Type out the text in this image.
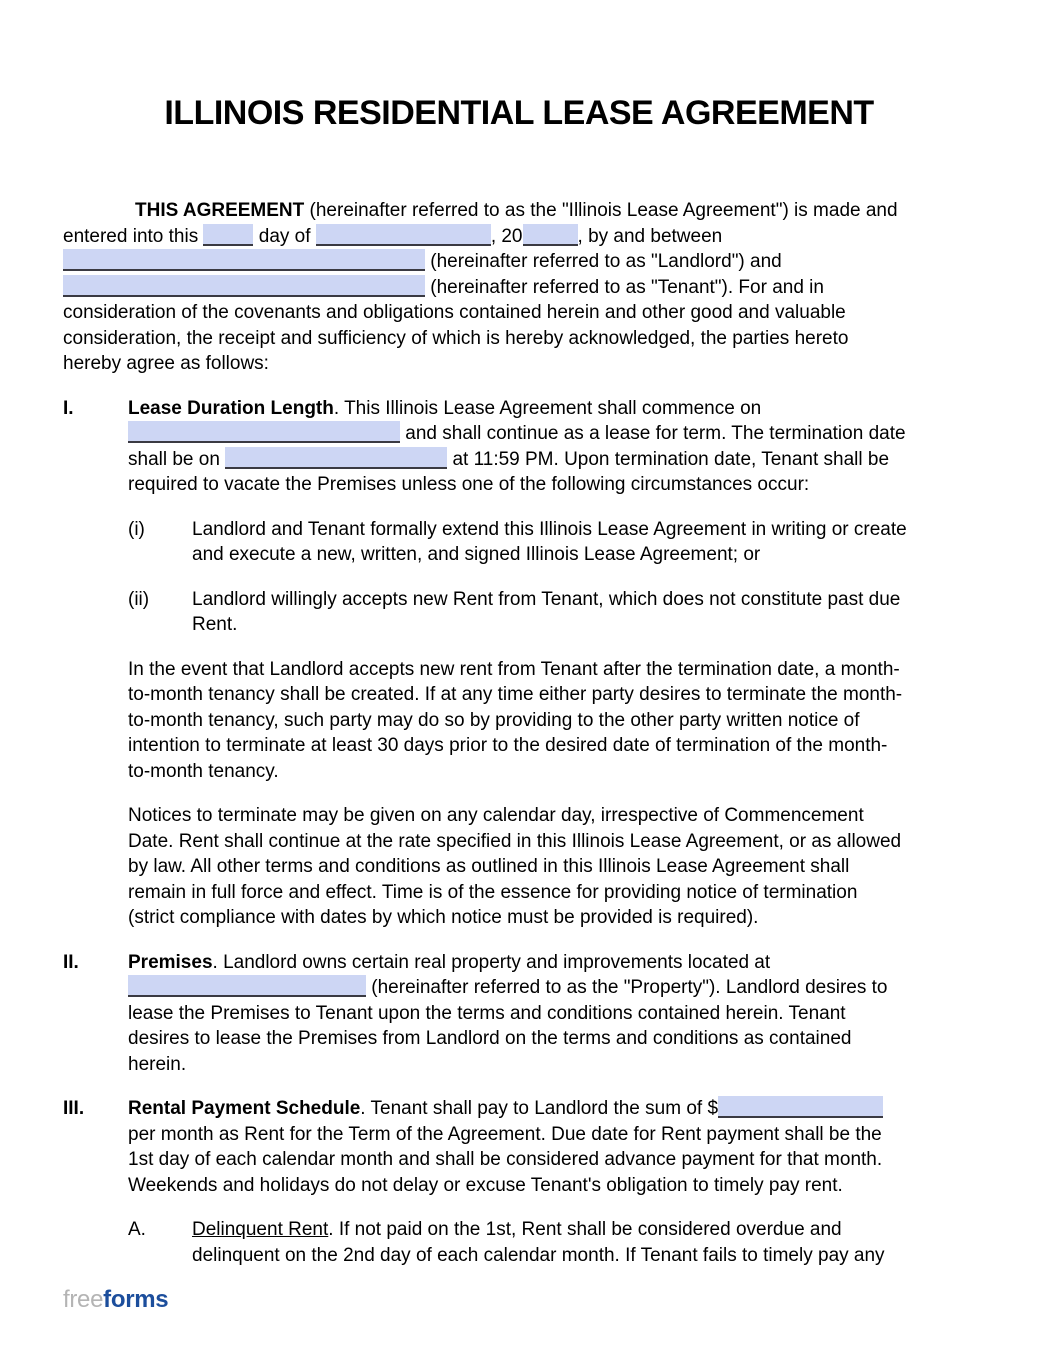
ILLINOIS RESIDENTIAL LEASE AGREEMENT
THIS AGREEMENT (hereinafter referred to as the "Illinois Lease Agreement") is made and
entered into this	day of	, 20	, by and between
(hereinafter referred to as "Landlord") and
(hereinafter referred to as "Tenant"). For and in
consideration of the covenants and obligations contained herein and other good and valuable
consideration, the receipt and sufficiency of which is hereby acknowledged, the parties hereto
hereby agree as follows:
I.	Lease Duration Length. This Illinois Lease Agreement shall commence on
and shall continue as a lease for term. The termination date
shall be on	at 11:59 PM. Upon termination date, Tenant shall be
required to vacate the Premises unless one of the following circumstances occur:
(i) Landlord and Tenant formally extend this Illinois Lease Agreement in writing or create
and execute a new, written, and signed Illinois Lease Agreement; or
(ii) Landlord willingly accepts new Rent from Tenant, which does not constitute past due
Rent.
In the event that Landlord accepts new rent from Tenant after the termination date, a month-
to-month tenancy shall be created. If at any time either party desires to terminate the month-
to-month tenancy, such party may do so by providing to the other party written notice of
intention to terminate at least 30 days prior to the desired date of termination of the month-
to-month tenancy.
Notices to terminate may be given on any calendar day, irrespective of Commencement
Date. Rent shall continue at the rate specified in this Illinois Lease Agreement, or as allowed
by law. All other terms and conditions as outlined in this Illinois Lease Agreement shall
remain in full force and effect. Time is of the essence for providing notice of termination
(strict compliance with dates by which notice must be provided is required).
II.	Premises. Landlord owns certain real property and improvements located at
(hereinafter referred to as the "Property"). Landlord desires to
lease the Premises to Tenant upon the terms and conditions contained herein. Tenant
desires to lease the Premises from Landlord on the terms and conditions as contained
herein.
III. Rental Payment Schedule. Tenant shall pay to Landlord the sum of $
per month as Rent for the Term of the Agreement. Due date for Rent payment shall be the
1st day of each calendar month and shall be considered advance payment for that month.
Weekends and holidays do not delay or excuse Tenant's obligation to timely pay rent.
A. Delinquent Rent. If not paid on the 1st, Rent shall be considered overdue and
delinquent on the 2nd day of each calendar month. If Tenant fails to timely pay any
freeforms
